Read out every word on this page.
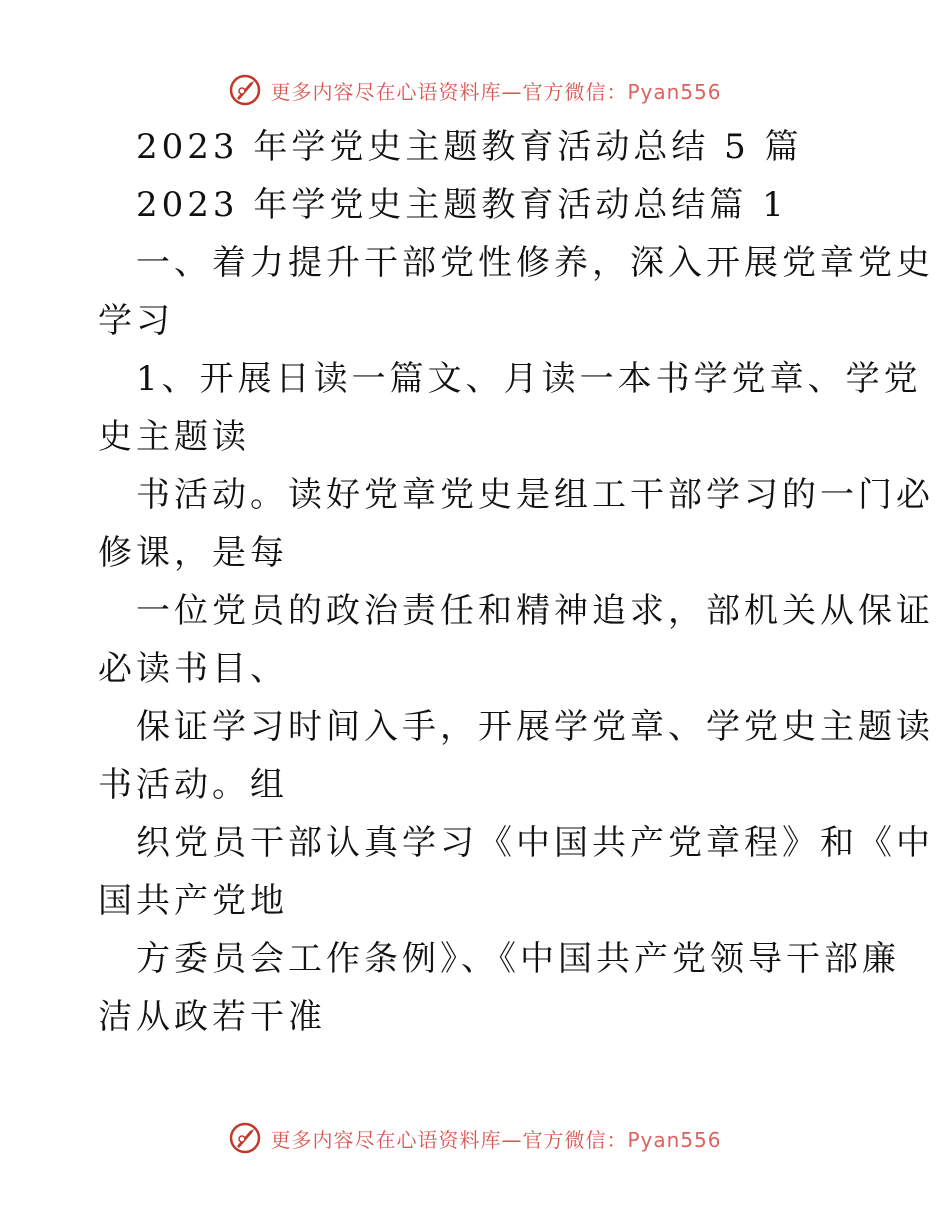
更多内容尽在心语资料库—官方微信：Pyan556
2023 年学党史主题教育活动总结 5 篇
2023 年学党史主题教育活动总结篇 1
一、着力提升干部党性修养，深入开展党章党史
学习
1、开展日读一篇文、月读一本书学党章、学党
史主题读
书活动。读好党章党史是组工干部学习的一门必
修课，是每
一位党员的政治责任和精神追求，部机关从保证
必读书目、
保证学习时间入手，开展学党章、学党史主题读
书活动。组
织党员干部认真学习《中国共产党章程》和《中
国共产党地
方委员会工作条例》、《中国共产党领导干部廉
洁从政若干准
更多内容尽在心语资料库—官方微信：Pyan556
